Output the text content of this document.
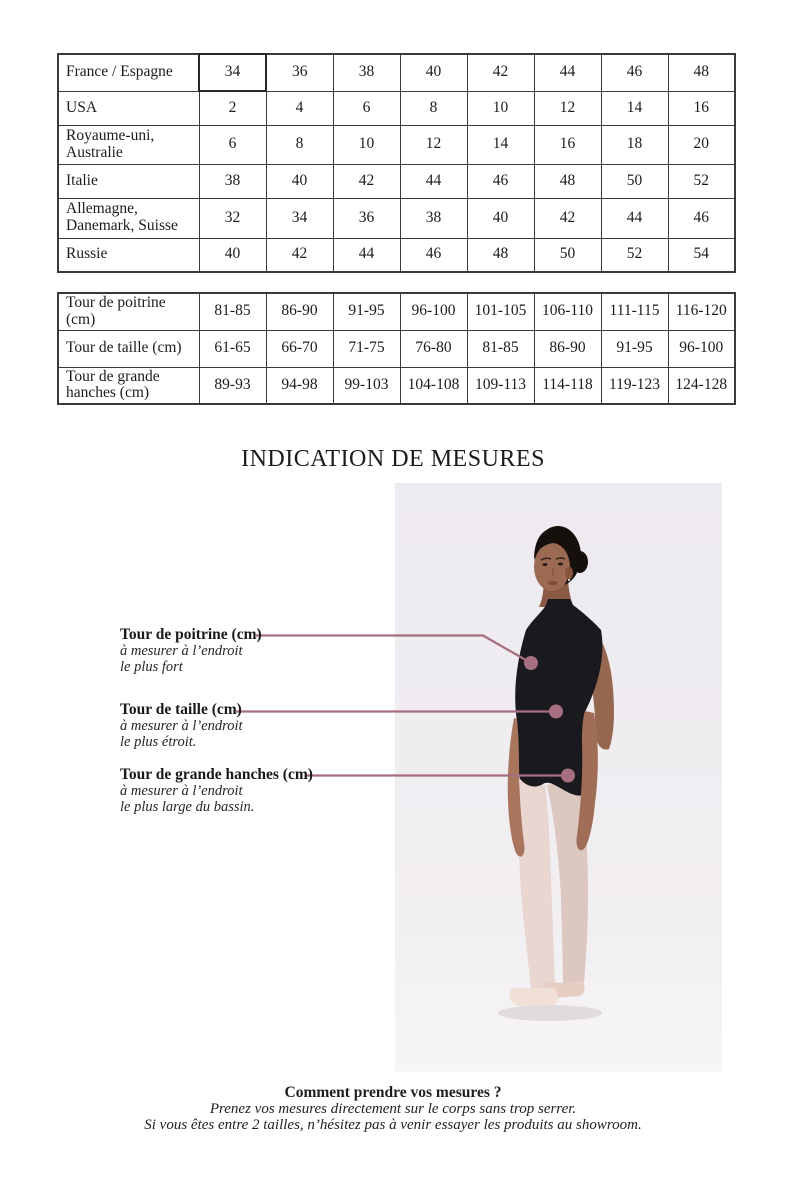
France / Espagne	34	36	38	40	42	44	46	48
USA	2	4	6	8	10	12	14	16
Royaume-uni, Australie	6	8	10	12	14	16	18	20
Italie	38	40	42	44	46	48	50	52
Allemagne, Danemark, Suisse	32	34	36	38	40	42	44	46
Russie	40	42	44	46	48	50	52	54
Tour de poitrine (cm)	81-85	86-90	91-95	96-100	101-105	106-110	111-115	116-120
Tour de taille (cm)	61-65	66-70	71-75	76-80	81-85	86-90	91-95	96-100
Tour de grande hanches (cm)	89-93	94-98	99-103	104-108	109-113	114-118	119-123	124-128
INDICATION DE MESURES
Tour de poitrine (cm)
à mesurer à l’endroit
le plus fort
Tour de taille (cm)
à mesurer à l’endroit
le plus étroit.
Tour de grande hanches (cm)
à mesurer à l’endroit
le plus large du bassin.
Comment prendre vos mesures ?
Prenez vos mesures directement sur le corps sans trop serrer.
Si vous êtes entre 2 tailles, n’hésitez pas à venir essayer les produits au showroom.
